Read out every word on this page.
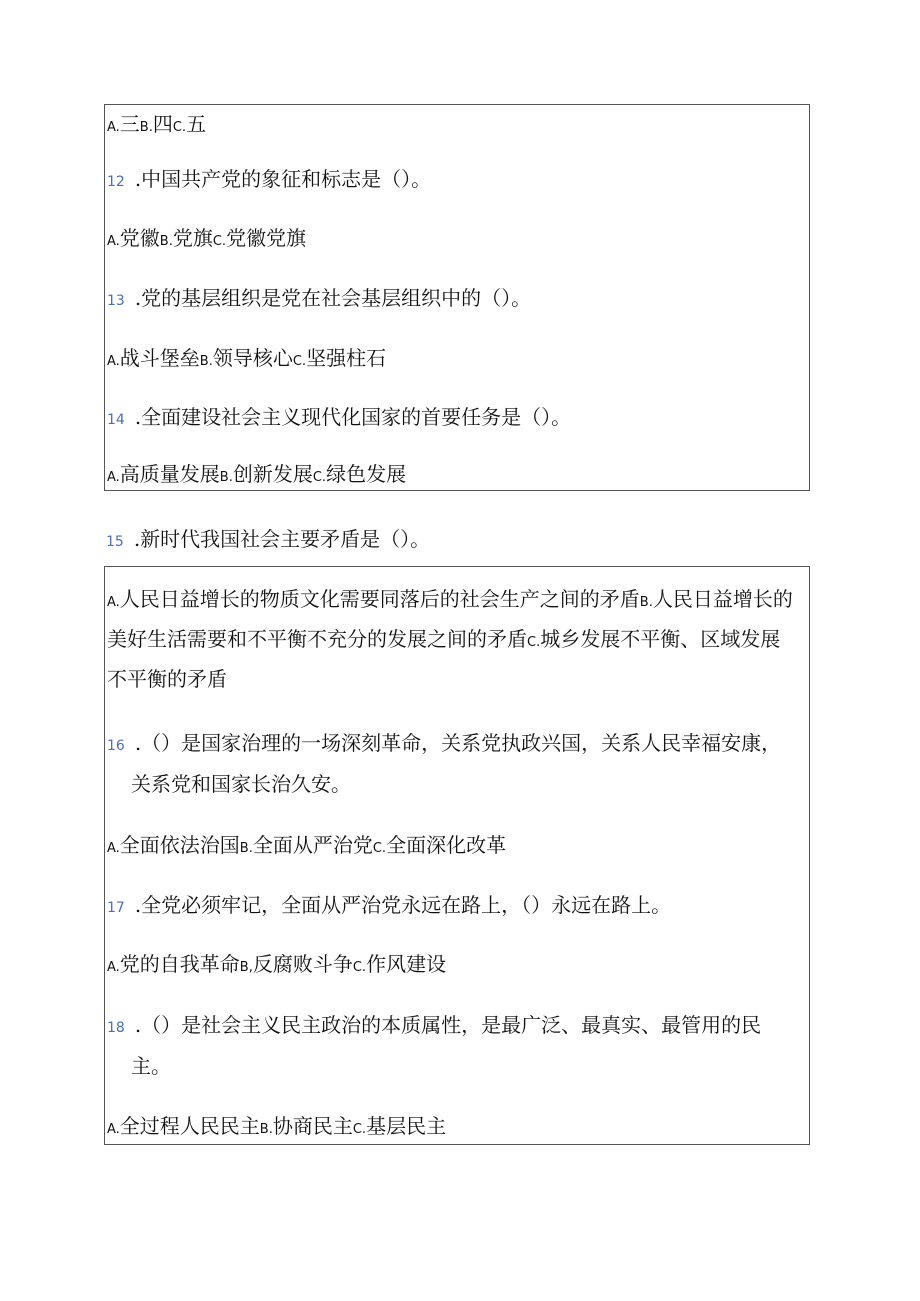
A.三B.四C.五
12 .中国共产党的象征和标志是（）。
A.党徽B.党旗C.党徽党旗
13 .党的基层组织是党在社会基层组织中的（）。
A.战斗堡垒B.领导核心C.坚强柱石
14 .全面建设社会主义现代化国家的首要任务是（）。
A.高质量发展B.创新发展C.绿色发展
15 .新时代我国社会主要矛盾是（）。
A.人民日益增长的物质文化需要同落后的社会生产之间的矛盾B.人民日益增长的美好生活需要和不平衡不充分的发展之间的矛盾C.城乡发展不平衡、区域发展不平衡的矛盾
16 .（）是国家治理的一场深刻革命，关系党执政兴国，关系人民幸福安康，
关系党和国家长治久安。
A.全面依法治国B.全面从严治党C.全面深化改革
17 .全党必须牢记，全面从严治党永远在路上，（）永远在路上。
A.党的自我革命B,反腐败斗争C.作风建设
18 .（）是社会主义民主政治的本质属性，是最广泛、最真实、最管用的民
主。
A.全过程人民民主B.协商民主C.基层民主
